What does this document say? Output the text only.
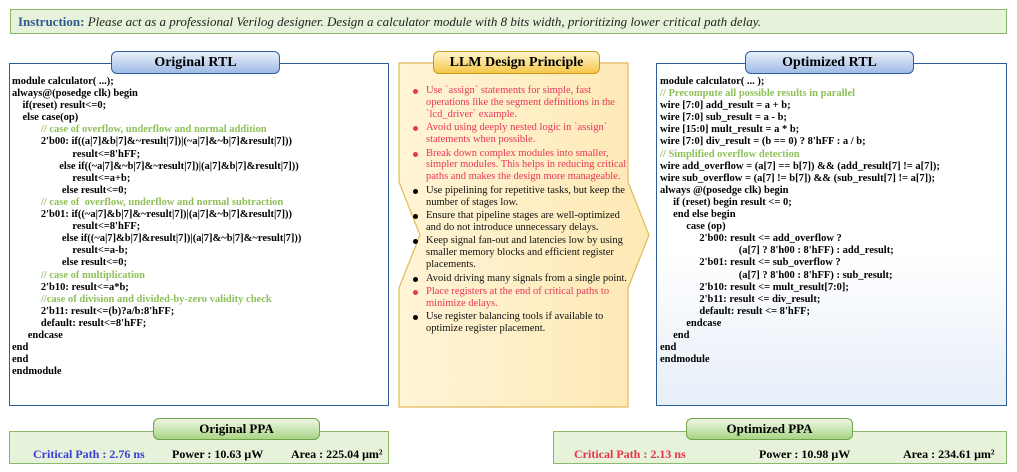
Instruction: Please act as a professional Verilog designer. Design a calculator module with 8 bits width, prioritizing lower critical path delay.
Original RTL
module calculator( ...);
always@(posedge clk) begin
if(reset) result<=0;
else case(op)
// case of overflow, underflow and normal addition
2'b00: if((a|7]&b|7]&~result|7])|(~a|7]&~b|7]&result|7]))
result<=8'hFF;
else if((~a|7]&~b|7]&~result|7])|(a|7]&b|7]&result|7]))
result<=a+b;
else result<=0;
// case of  overflow, underflow and normal subtraction
2'b01: if((~a|7]&b|7]&~result|7])|(a|7]&~b|7]&result|7]))
result<=8'hFF;
else if((~a|7]&b|7]&result|7])|(a|7]&~b|7]&~result|7]))
result<=a-b;
else result<=0;
// case of multiplication
2'b10: result<=a*b;
//case of division and divided-by-zero validity check
2'b11: result<=(b)?a/b:8'hFF;
default: result<=8'hFF;
endcase
end
end
endmodule
LLM Design Principle
Use `assign` statements for simple, fast operations like the segment definitions in the `lcd_driver` example.
Avoid using deeply nested logic in `assign` statements when possible.
Break down complex modules into smaller, simpler modules. This helps in reducing critical paths and makes the design more manageable.
Use pipelining for repetitive tasks, but keep the number of stages low.
Ensure that pipeline stages are well-optimized and do not introduce unnecessary delays.
Keep signal fan-out and latencies low by using smaller memory blocks and efficient register placements.
Avoid driving many signals from a single point.
Place registers at the end of critical paths to minimize delays.
Use register balancing tools if available to optimize register placement.
Optimized RTL
module calculator( ... );
// Precompute all possible results in parallel
wire [7:0] add_result = a + b;
wire [7:0] sub_result = a - b;
wire [15:0] mult_result = a * b;
wire [7:0] div_result = (b == 0) ? 8'hFF : a / b;
// Simplified overflow detection
wire add_overflow = (a[7] == b[7]) && (add_result[7] != a[7]);
wire sub_overflow = (a[7] != b[7]) && (sub_result[7] != a[7]);
always @(posedge clk) begin
if (reset) begin result <= 0;
end else begin
case (op)
2'b00: result <= add_overflow ?
(a[7] ? 8'h00 : 8'hFF) : add_result;
2'b01: result <= sub_overflow ?
(a[7] ? 8'h00 : 8'hFF) : sub_result;
2'b10: result <= mult_result[7:0];
2'b11: result <= div_result;
default: result <= 8'hFF;
endcase
end
end
endmodule
Original PPA
Critical Path : 2.76 ns Power : 10.63 μW Area : 225.04 μm²
Optimized PPA
Critical Path : 2.13 ns	Power : 10.98 μW	Area : 234.61 μm²
